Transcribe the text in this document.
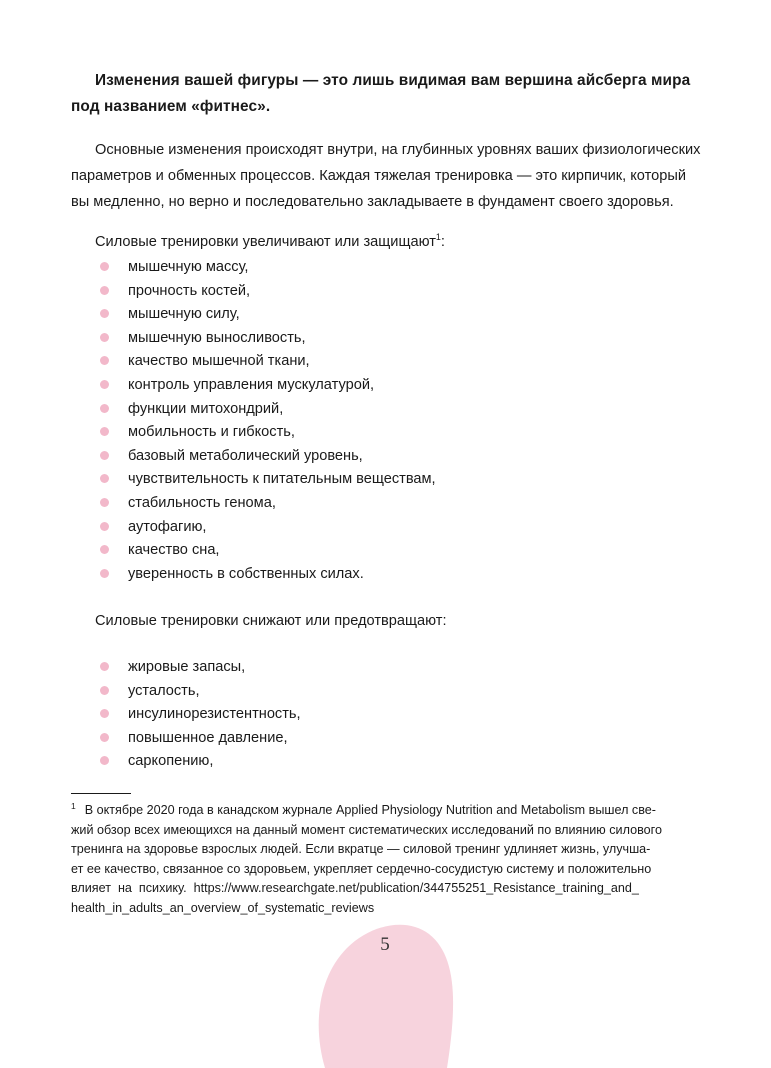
Изменения вашей фигуры — это лишь видимая вам вершина айсберга мира
под названием «фитнес».

Основные изменения происходят внутри, на глубинных уровнях ваших физиологических
параметров и обменных процессов. Каждая тяжелая тренировка — это кирпичик, который
вы медленно, но верно и последовательно закладываете в фундамент своего здоровья.

Силовые тренировки увеличивают или защищают$^1$:

мышечную массу,
прочность костей,
мышечную силу,
мышечную выносливость,
качество мышечной ткани,
контроль управления мускулатурой,
функции митохондрий,
мобильность и гибкость,
базовый метаболический уровень,
чувствительность к питательным веществам,
стабильность генома,
аутофагию,
качество сна,
уверенность в собственных силах.

Силовые тренировки снижают или предотвращают:

жировые запасы,
усталость,
инсулинорезистентность,
повышенное давление,
саркопению,
$^1$ В октябре 2020 года в канадском журнале Applied Physiology Nutrition and Metabolism вышел све-
жий обзор всех имеющихся на данный момент систематических исследований по влиянию силового
тренинга на здоровье взрослых людей. Если вкратце — силовой тренинг удлиняет жизнь, улучша-
ет ее качество, связанное со здоровьем, укрепляет сердечно-сосудистую систему и положительно
влияет  на  психику.  https://www.researchgate.net/publication/344755251_Resistance_training_and_
health_in_adults_an_overview_of_systematic_reviews

5
